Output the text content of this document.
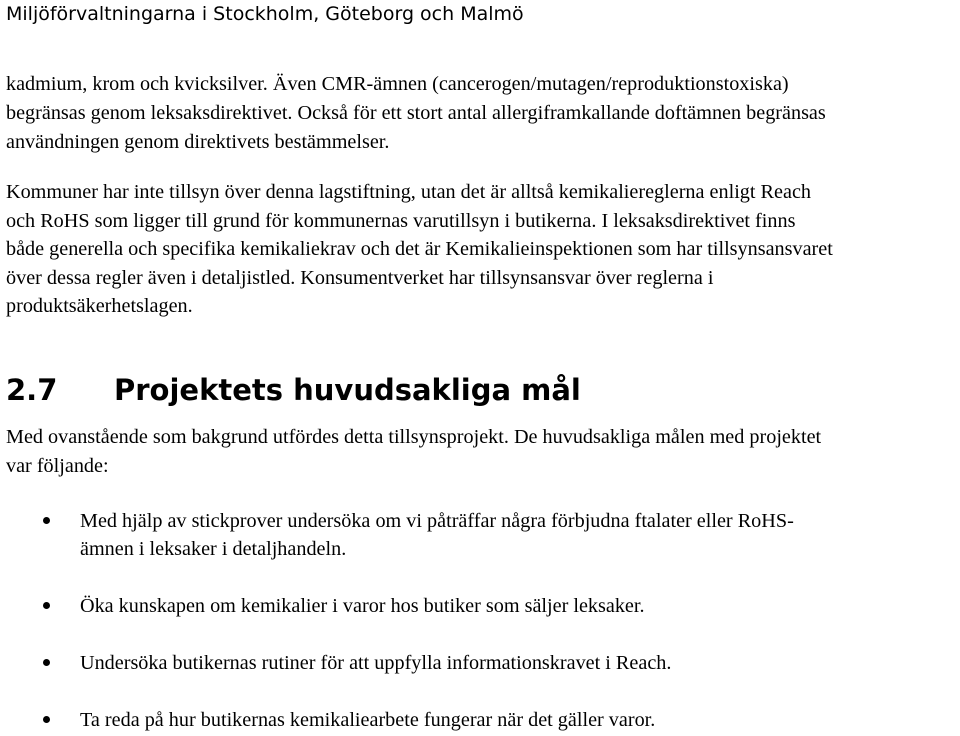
Miljöförvaltningarna i Stockholm, Göteborg och Malmö
kadmium, krom och kvicksilver. Även CMR-ämnen (cancerogen/mutagen/reproduktionstoxiska)
begränsas genom leksaksdirektivet. Också för ett stort antal allergiframkallande doftämnen begränsas
användningen genom direktivets bestämmelser.
Kommuner har inte tillsyn över denna lagstiftning, utan det är alltså kemikaliereglerna enligt Reach
och RoHS som ligger till grund för kommunernas varutillsyn i butikerna. I leksaksdirektivet finns
både generella och specifika kemikaliekrav och det är Kemikalieinspektionen som har tillsynsansvaret
över dessa regler även i detaljistled. Konsumentverket har tillsynsansvar över reglerna i
produktsäkerhetslagen.
2.7 Projektets huvudsakliga mål
Med ovanstående som bakgrund utfördes detta tillsynsprojekt. De huvudsakliga målen med projektet
var följande:
Med hjälp av stickprover undersöka om vi påträffar några förbjudna ftalater eller RoHS-
ämnen i leksaker i detaljhandeln.
Öka kunskapen om kemikalier i varor hos butiker som säljer leksaker.
Undersöka butikernas rutiner för att uppfylla informationskravet i Reach.
Ta reda på hur butikernas kemikaliearbete fungerar när det gäller varor.
